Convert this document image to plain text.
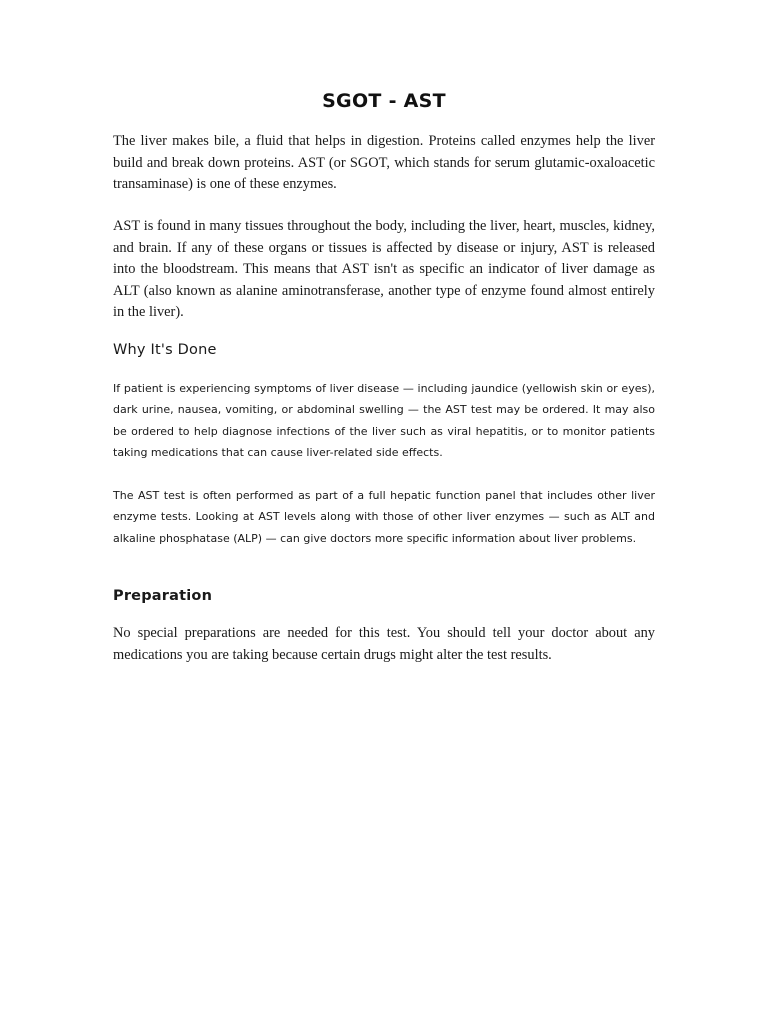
SGOT - AST

The liver makes bile, a fluid that helps in digestion. Proteins called enzymes help the liver build and break down proteins. AST (or SGOT, which stands for serum glutamic-oxaloacetic transaminase) is one of these enzymes.

AST is found in many tissues throughout the body, including the liver, heart, muscles, kidney, and brain. If any of these organs or tissues is affected by disease or injury, AST is released into the bloodstream. This means that AST isn't as specific an indicator of liver damage as ALT (also known as alanine aminotransferase, another type of enzyme found almost entirely in the liver).

Why It's Done

If patient is experiencing symptoms of liver disease — including jaundice (yellowish skin or eyes), dark urine, nausea, vomiting, or abdominal swelling — the AST test may be ordered. It may also be ordered to help diagnose infections of the liver such as viral hepatitis, or to monitor patients taking medications that can cause liver-related side effects.

The AST test is often performed as part of a full hepatic function panel that includes other liver enzyme tests. Looking at AST levels along with those of other liver enzymes — such as ALT and alkaline phosphatase (ALP) — can give doctors more specific information about liver problems.

Preparation

No special preparations are needed for this test. You should tell your doctor about any medications you are taking because certain drugs might alter the test results.
